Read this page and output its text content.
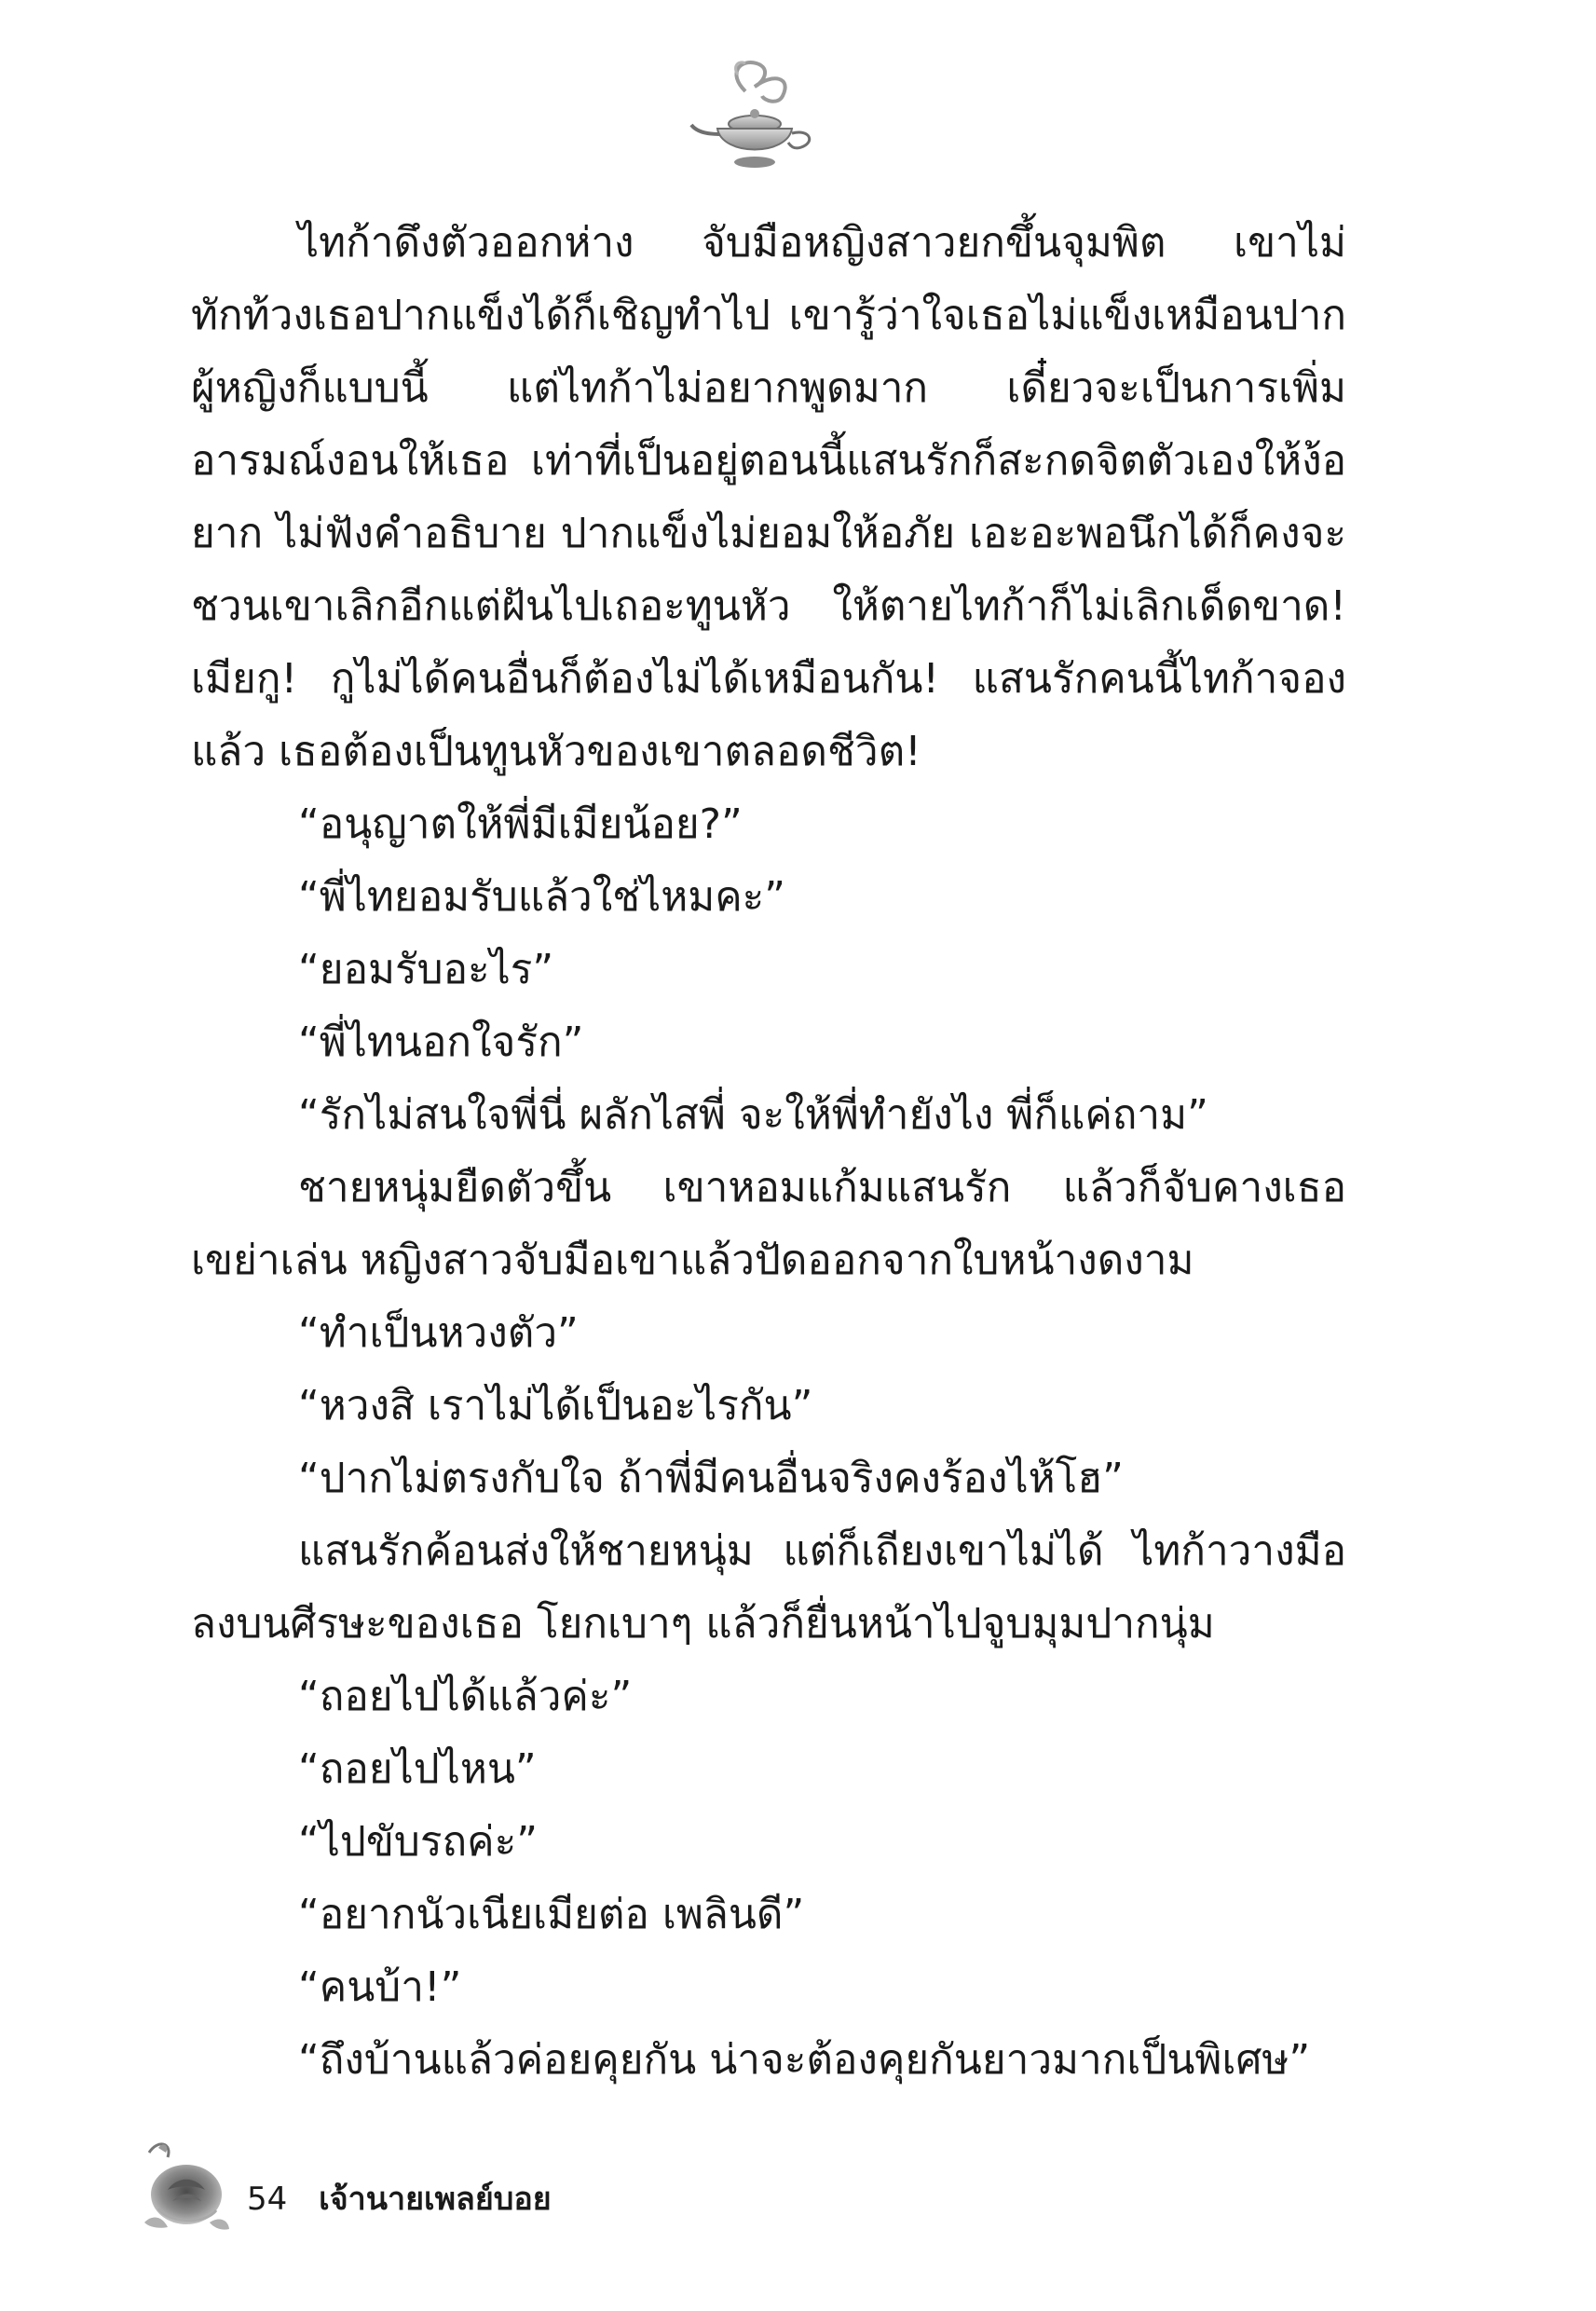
ไทก้าดึงตัวออกห่าง จับมือหญิงสาวยกขึ้นจุมพิต เขาไม่ทักท้วงเธอปากแข็งได้ก็เชิญทำไป เขารู้ว่าใจเธอไม่แข็งเหมือนปาก ผู้หญิงก็แบบนี้ แต่ไทก้าไม่อยากพูดมาก เดี๋ยวจะเป็นการเพิ่มอารมณ์งอนให้เธอ เท่าที่เป็นอยู่ตอนนี้แสนรักก็สะกดจิตตัวเองให้ง้อยาก ไม่ฟังคำอธิบาย ปากแข็งไม่ยอมให้อภัย เอะอะพอนึกได้ก็คงจะชวนเขาเลิกอีกแต่ฝันไปเถอะทูนหัว ให้ตายไทก้าก็ไม่เลิกเด็ดขาด! เมียกู! กูไม่ได้คนอื่นก็ต้องไม่ได้เหมือนกัน! แสนรักคนนี้ไทก้าจองแล้ว เธอต้องเป็นทูนหัวของเขาตลอดชีวิต!

“อนุญาตให้พี่มีเมียน้อย?”

“พี่ไทยอมรับแล้วใช่ไหมคะ”

“ยอมรับอะไร”

“พี่ไทนอกใจรัก”

“รักไม่สนใจพี่นี่ ผลักไสพี่ จะให้พี่ทำยังไง พี่ก็แค่ถาม”

ชายหนุ่มยืดตัวขึ้น เขาหอมแก้มแสนรัก แล้วก็จับคางเธอเขย่าเล่น หญิงสาวจับมือเขาแล้วปัดออกจากใบหน้างดงาม

“ทำเป็นหวงตัว”

“หวงสิ เราไม่ได้เป็นอะไรกัน”

“ปากไม่ตรงกับใจ ถ้าพี่มีคนอื่นจริงคงร้องไห้โฮ”

แสนรักค้อนส่งให้ชายหนุ่ม แต่ก็เถียงเขาไม่ได้ ไทก้าวางมือลงบนศีรษะของเธอ โยกเบาๆ แล้วก็ยื่นหน้าไปจูบมุมปากนุ่ม

“ถอยไปได้แล้วค่ะ”

“ถอยไปไหน”

“ไปขับรถค่ะ”

“อยากนัวเนียเมียต่อ เพลินดี”

“คนบ้า!”

“ถึงบ้านแล้วค่อยคุยกัน น่าจะต้องคุยกันยาวมากเป็นพิเศษ”

54 เจ้านายเพลย์บอย
